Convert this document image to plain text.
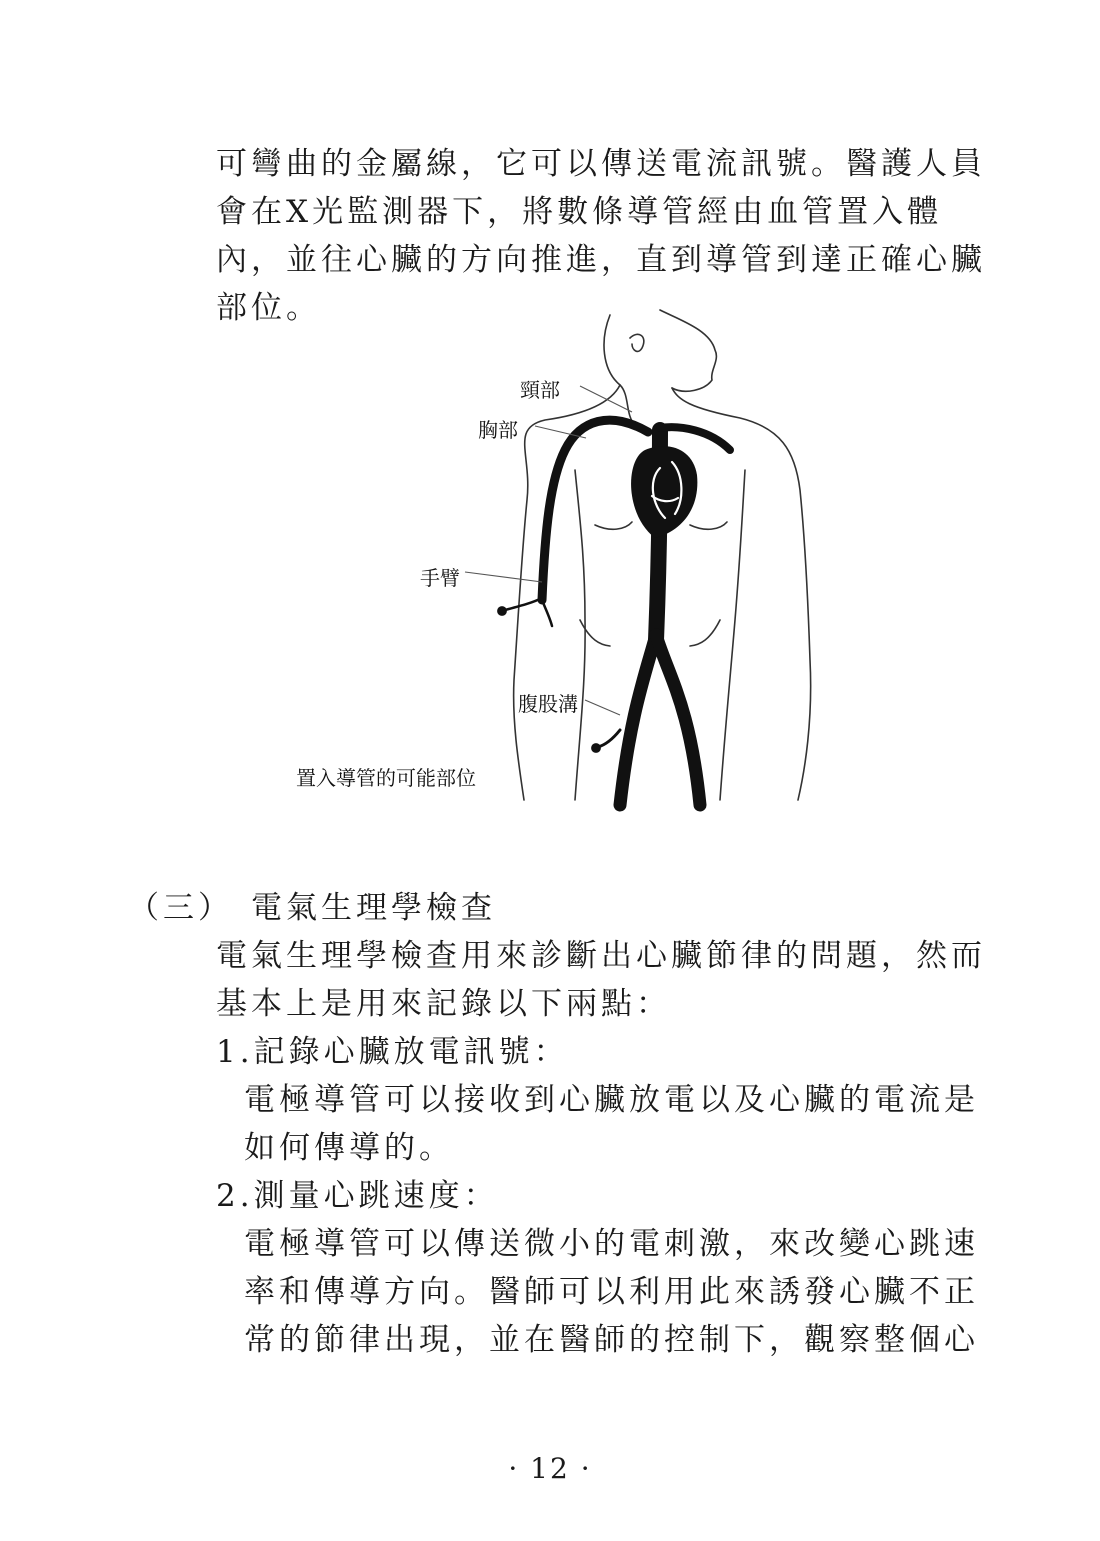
可彎曲的金屬線，它可以傳送電流訊號。醫護人員會在X光監測器下，將數條導管經由血管置入體內，並往心臟的方向推進，直到導管到達正確心臟部位。

頸部
胸部
手臂
腹股溝
置入導管的可能部位
（三） 電氣生理學檢查

電氣生理學檢查用來診斷出心臟節律的問題，然而基本上是用來記錄以下兩點：

1.記錄心臟放電訊號：

電極導管可以接收到心臟放電以及心臟的電流是如何傳導的。

2.測量心跳速度：

電極導管可以傳送微小的電刺激，來改變心跳速率和傳導方向。醫師可以利用此來誘發心臟不正常的節律出現，並在醫師的控制下，觀察整個心

· 12 ·
